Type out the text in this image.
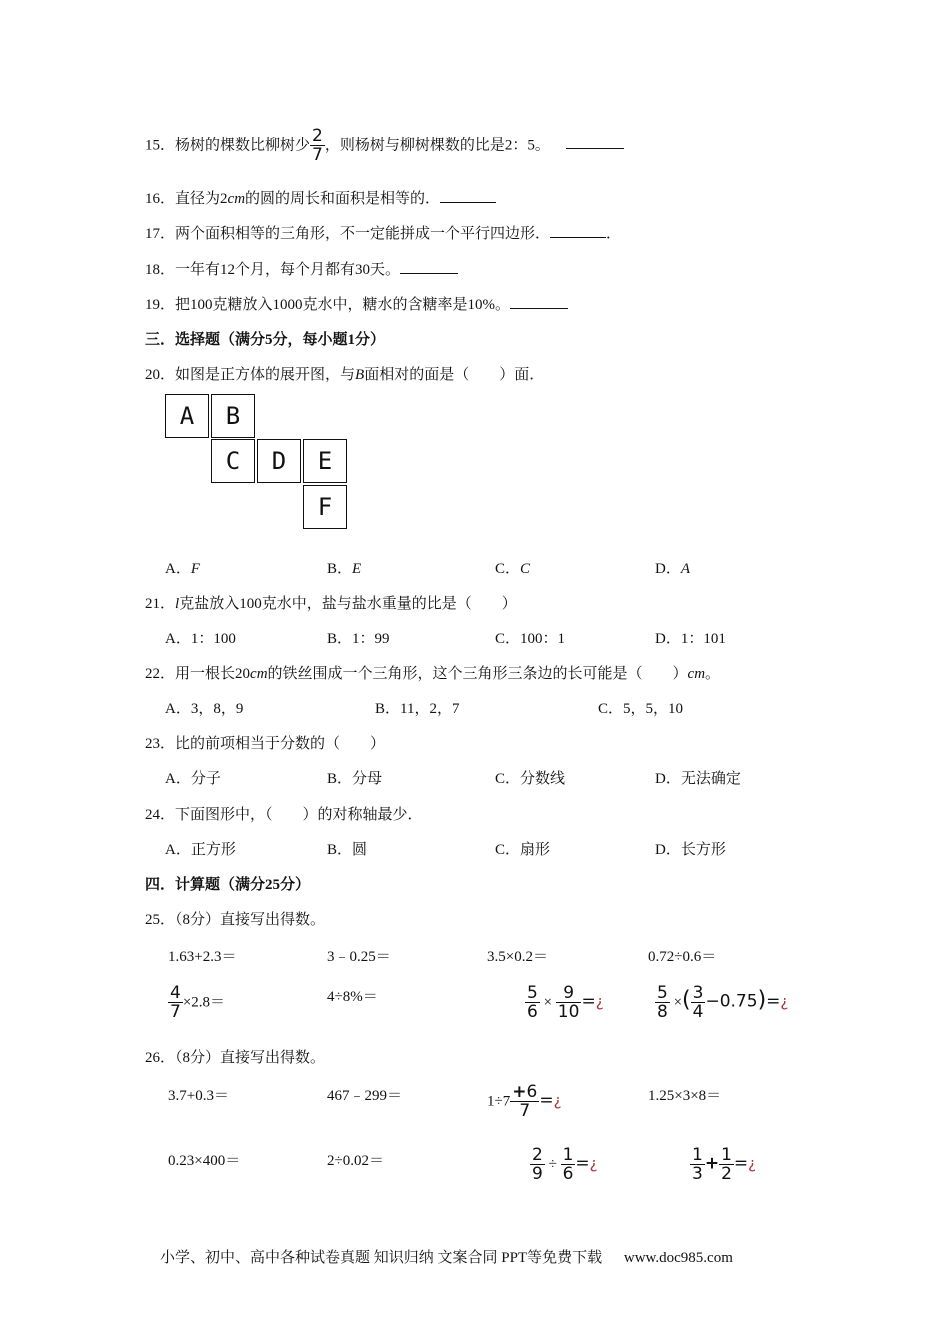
15．杨树的棵数比柳树少 $\frac{2}{7}$ ，则杨树与柳树棵数的比是2：5。
16．直径为2cm的圆的周长和面积是相等的．
17．两个面积相等的三角形，不一定能拼成一个平行四边形．	．
18．一年有12个月，每个月都有30天。
19．把100克糖放入1000克水中，糖水的含糖率是10%。
三．选择题（满分5分，每小题1分）
20．如图是正方体的展开图，与B面相对的面是（　　）面．
A	B
C	D	E
F
A．F	B．E	C．C	D．A
21．l克盐放入100克水中，盐与盐水重量的比是（　　）
A．1：100	B．1：99	C．100：1	D．1：101
22．用一根长20cm的铁丝围成一个三角形，这个三角形三条边的长可能是（　　）cm。
A．3，8，9	B．11，2，7	C．5，5，10
23．比的前项相当于分数的（　　）
A．分子	B．分母	C．分数线	D．无法确定
24．下面图形中，（　　）的对称轴最少．
A．正方形	B．圆	C．扇形	D．长方形
四．计算题（满分25分）
25．（8分）直接写出得数。
1.63+2.3＝	3﹣0.25＝	3.5×0.2＝	0.72÷0.6＝
$\frac{4}{7} \times 2.8=$	4÷8%＝	$\frac{5}{6} \times \frac{9}{10}$ =¿	$\frac{5}{8}$ ×( $\frac{3}{4}$ −0.75)=¿
26．（8分）直接写出得数。
3.7+0.3＝	467﹣299＝	$1\div 7 \frac{+6}{7}$ =¿	1.25×3×8＝
0.23×400＝	2÷0.02＝	$\frac{2}{9} \div \frac{1}{6}$ =¿	$\frac{1}{3} + \frac{1}{2}$ =¿
小学、初中、高中各种试卷真题 知识归纳 文案合同 PPT等免费下载 www.doc985.com
